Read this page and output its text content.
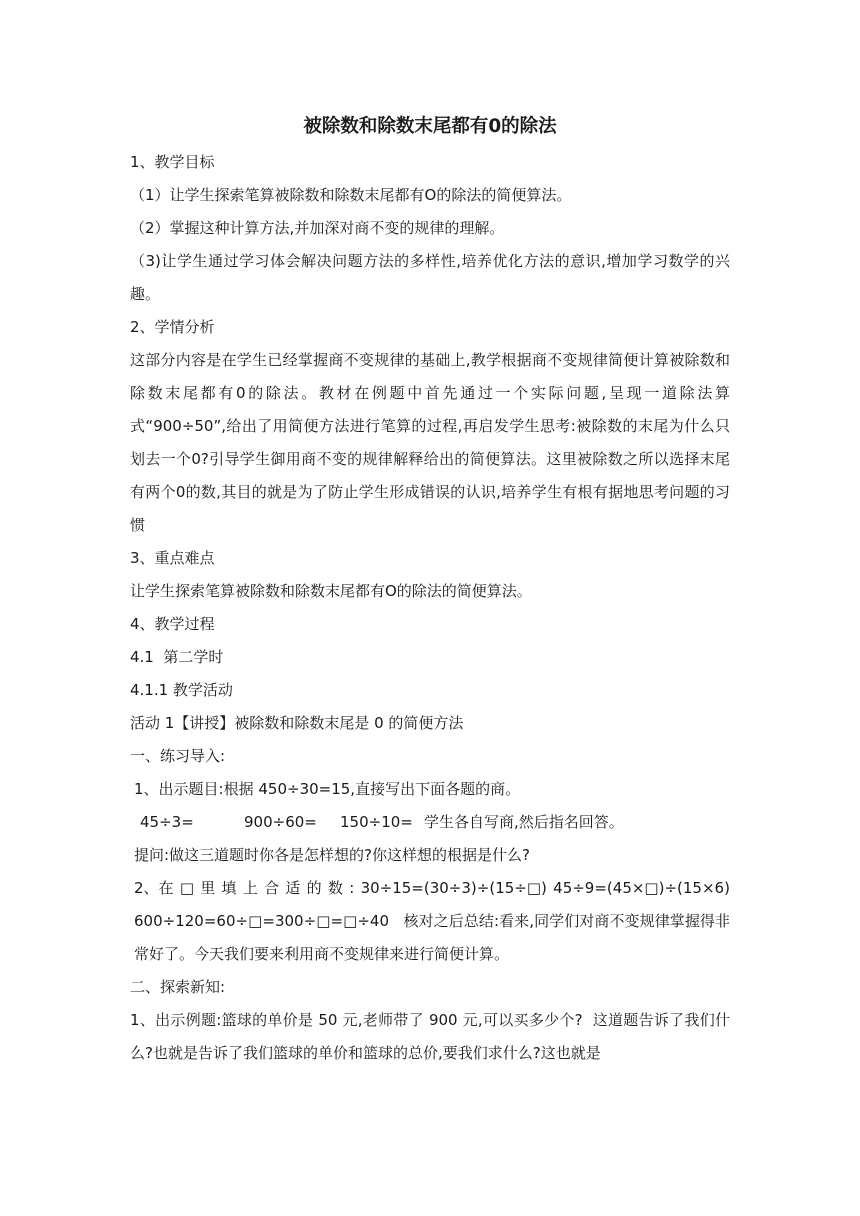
被除数和除数末尾都有0的除法

1、教学目标

（1）让学生探索笔算被除数和除数末尾都有O的除法的简便算法。

（2）掌握这种计算方法,并加深对商不变的规律的理解。

（3)让学生通过学习体会解决问题方法的多样性,培养优化方法的意识,增加学习数学的兴趣。

2、学情分析

这部分内容是在学生已经掌握商不变规律的基础上,教学根据商不变规律简便计算被除数和除数末尾都有0的除法。教材在例题中首先通过一个实际问题,呈现一道除法算式“900÷50”,给出了用简便方法进行笔算的过程,再启发学生思考:被除数的末尾为什么只划去一个0?引导学生御用商不变的规律解释给出的简便算法。这里被除数之所以选择末尾有两个0的数,其目的就是为了防止学生形成错误的认识,培养学生有根有据地思考问题的习惯

3、重点难点

让学生探索笔算被除数和除数末尾都有O的除法的简便算法。

4、教学过程

4.1  第二学时

4.1.1 教学活动

活动 1【讲授】被除数和除数末尾是 0 的简便方法

一、练习导入:

1、出示题目:根据 450÷30=15,直接写出下面各题的商。

45÷3=	900÷60= 150÷10= 学生各自写商,然后指名回答。

提问:做这三道题时你各是怎样想的?你这样想的根据是什么?

2、在 □ 里 填 上 合 适 的 数 : 30÷15=(30÷3)÷(15÷□) 45÷9=(45×□)÷(15×6)

600÷120=60÷□=300÷□=□÷40   核对之后总结:看来,同学们对商不变规律掌握得非常好了。今天我们要来利用商不变规律来进行简便计算。

二、探索新知:

1、出示例题:篮球的单价是 50 元,老师带了 900 元,可以买多少个?  这道题告诉了我们什么?也就是告诉了我们篮球的单价和篮球的总价,要我们求什么?这也就是
